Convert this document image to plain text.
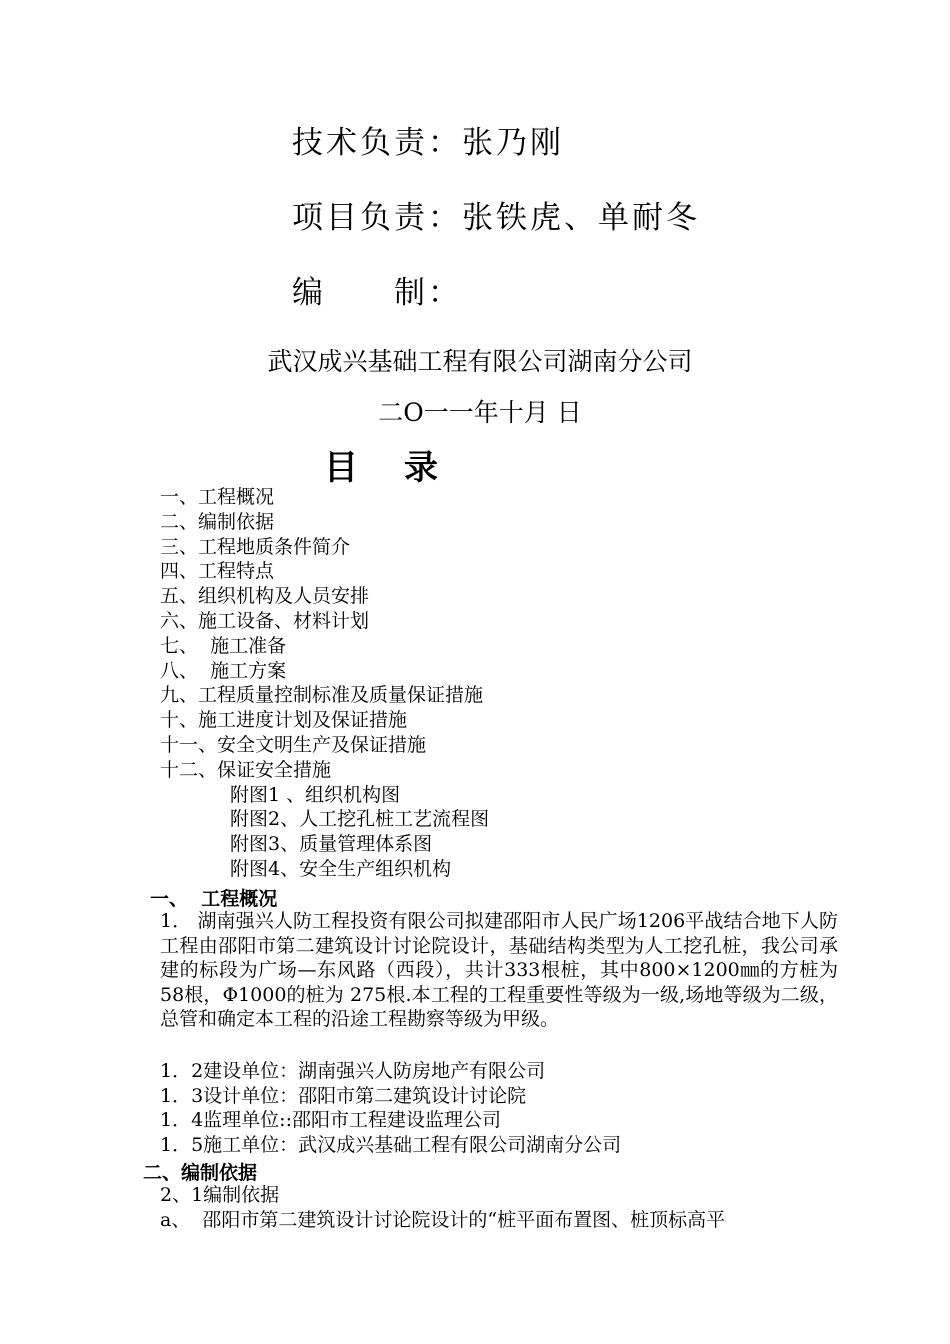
技术负责：张乃刚
项目负责：张铁虎、单耐冬
编 制：
武汉成兴基础工程有限公司湖南分公司
二O一一年十月 日
目 录
一、工程概况
二、编制依据
三、工程地质条件简介
四、工程特点
五、组织机构及人员安排
六、施工设备、材料计划
七、  施工准备
八、  施工方案
九、工程质量控制标准及质量保证措施
十、施工进度计划及保证措施
十一、安全文明生产及保证措施
十二、保证安全措施
附图1 、组织机构图
附图2、人工挖孔桩工艺流程图
附图3、质量管理体系图
附图4、安全生产组织机构
一、  工程概况
1． 湖南强兴人防工程投资有限公司拟建邵阳市人民广场1206平战结合地下人防工程由邵阳市第二建筑设计讨论院设计，基础结构类型为人工挖孔桩，我公司承建的标段为广场—东风路（西段），共计333根桩，其中800×1200㎜的方桩为58根，Φ1000的桩为 275根.本工程的工程重要性等级为一级,场地等级为二级，总管和确定本工程的沿途工程勘察等级为甲级。
1．2建设单位：湖南强兴人防房地产有限公司
1．3设计单位：邵阳市第二建筑设计讨论院
1．4监理单位::邵阳市工程建设监理公司
1．5施工单位：武汉成兴基础工程有限公司湖南分公司
二、编制依据
2、1编制依据
a、  邵阳市第二建筑设计讨论院设计的“桩平面布置图、桩顶标高平
